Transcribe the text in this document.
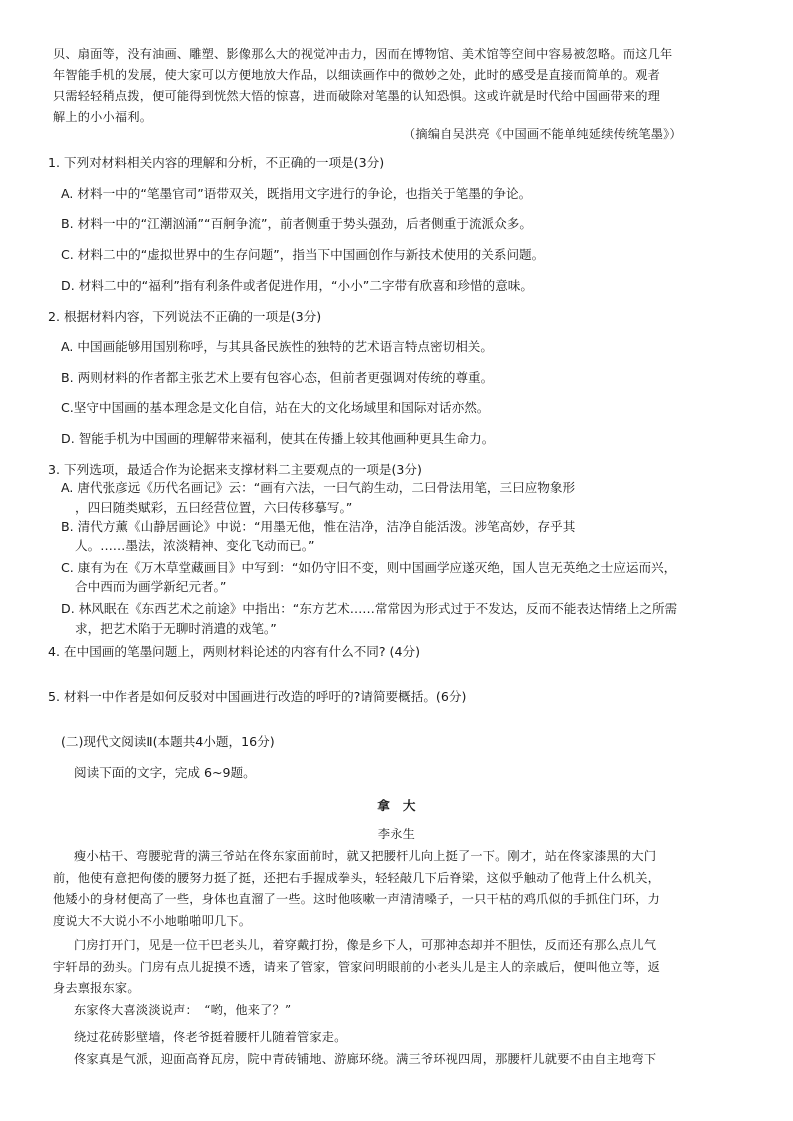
贝、扇面等，没有油画、雕塑、影像那么大的视觉冲击力，因而在博物馆、美术馆等空间中容易被忽略。而这几年
年智能手机的发展，使大家可以方便地放大作品，以细读画作中的微妙之处，此时的感受是直接而简单的。观者
只需轻轻稍点拨，便可能得到恍然大悟的惊喜，进而破除对笔墨的认知恐惧。这或许就是时代给中国画带来的理
解上的小小福利。
（摘编自吴洪亮《中国画不能单纯延续传统笔墨》）
1. 下列对材料相关内容的理解和分析，不正确的一项是(3分)
A. 材料一中的“笔墨官司”语带双关，既指用文字进行的争论，也指关于笔墨的争论。
B. 材料一中的“江潮汹涌”“百舸争流”，前者侧重于势头强劲，后者侧重于流派众多。
C. 材料二中的“虚拟世界中的生存问题”，指当下中国画创作与新技术使用的关系问题。
D. 材料二中的“福利”指有利条件或者促进作用，“小小”二字带有欣喜和珍惜的意味。
2. 根据材料内容，下列说法不正确的一项是(3分)
A. 中国画能够用国别称呼，与其具备民族性的独特的艺术语言特点密切相关。
B. 两则材料的作者都主张艺术上要有包容心态，但前者更强调对传统的尊重。
C.坚守中国画的基本理念是文化自信，站在大的文化场域里和国际对话亦然。
D. 智能手机为中国画的理解带来福利，使其在传播上较其他画种更具生命力。
3. 下列选项，最适合作为论据来支撑材料二主要观点的一项是(3分)
A. 唐代张彦远《历代名画记》云：“画有六法，一曰气韵生动，二曰骨法用笔，三曰应物象形
，四曰随类赋彩，五曰经营位置，六曰传移摹写。”
B. 清代方薰《山静居画论》中说：“用墨无他，惟在洁净，洁净自能活泼。涉笔高妙，存乎其
人。……墨法，浓淡精神、变化飞动而已。”
C. 康有为在《万木草堂藏画目》中写到：“如仍守旧不变，则中国画学应遂灭绝，国人岂无英绝之士应运而兴，
合中西而为画学新纪元者。”
D. 林风眠在《东西艺术之前途》中指出：“东方艺术……常常因为形式过于不发达，反而不能表达情绪上之所需
求，把艺术陷于无聊时消遣的戏笔。”
4. 在中国画的笔墨问题上，两则材料论述的内容有什么不同? (4分)
5. 材料一中作者是如何反驳对中国画进行改造的呼吁的?请简要概括。(6分)
(二)现代文阅读Ⅱ(本题共4小题，16分)
阅读下面的文字，完成 6~9题。
拿　大
李永生
瘦小枯干、弯腰驼背的满三爷站在佟东家面前时，就又把腰杆儿向上挺了一下。刚才，站在佟家漆黑的大门
前，他使有意把佝偻的腰努力挺了挺，还把右手握成拳头，轻轻敲几下后脊梁，这似乎触动了他背上什么机关，
他矮小的身材便高了一些，身体也直溜了一些。这时他咳嗽一声清清嗓子，一只干枯的鸡爪似的手抓住门环，力
度说大不大说小不小地啪啪叩几下。
门房打开门，见是一位干巴老头儿，着穿戴打扮，像是乡下人，可那神态却并不胆怯，反而还有那么点儿气
宇轩昂的劲头。门房有点儿捉摸不透，请来了管家，管家问明眼前的小老头儿是主人的亲戚后，便叫他立等，返
身去禀报东家。
东家佟大喜淡淡说声：　“哟，他来了？”
绕过花砖影壁墙，佟老爷挺着腰杆儿随着管家走。
佟家真是气派，迎面高脊瓦房，院中青砖铺地、游廊环绕。满三爷环视四周，那腰杆儿就要不由自主地弯下
